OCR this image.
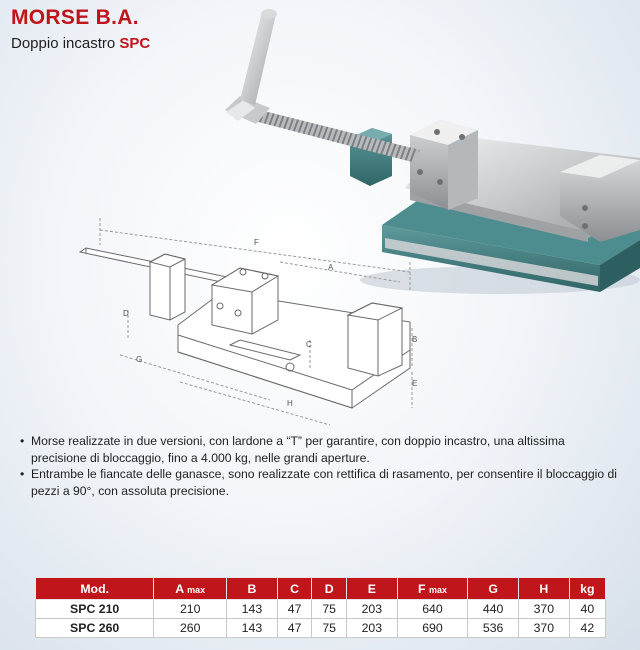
MORSE B.A.
Doppio incastro SPC
F
A
D
C
B
G
E
H
• Morse realizzate in due versioni, con lardone a “T” per garantire, con doppio incastro, una altissima precisione di bloccaggio, fino a 4.000 kg, nelle grandi aperture.
• Entrambe le fiancate delle ganasce, sono realizzate con rettifica di rasamento, per consentire il bloccaggio di pezzi a 90°, con assoluta precisione.
Mod.	A max	B	C	D	E	F max	G	H	kg
SPC 210	210	143	47	75	203	640	440	370	40
SPC 260	260	143	47	75	203	690	536	370	42
